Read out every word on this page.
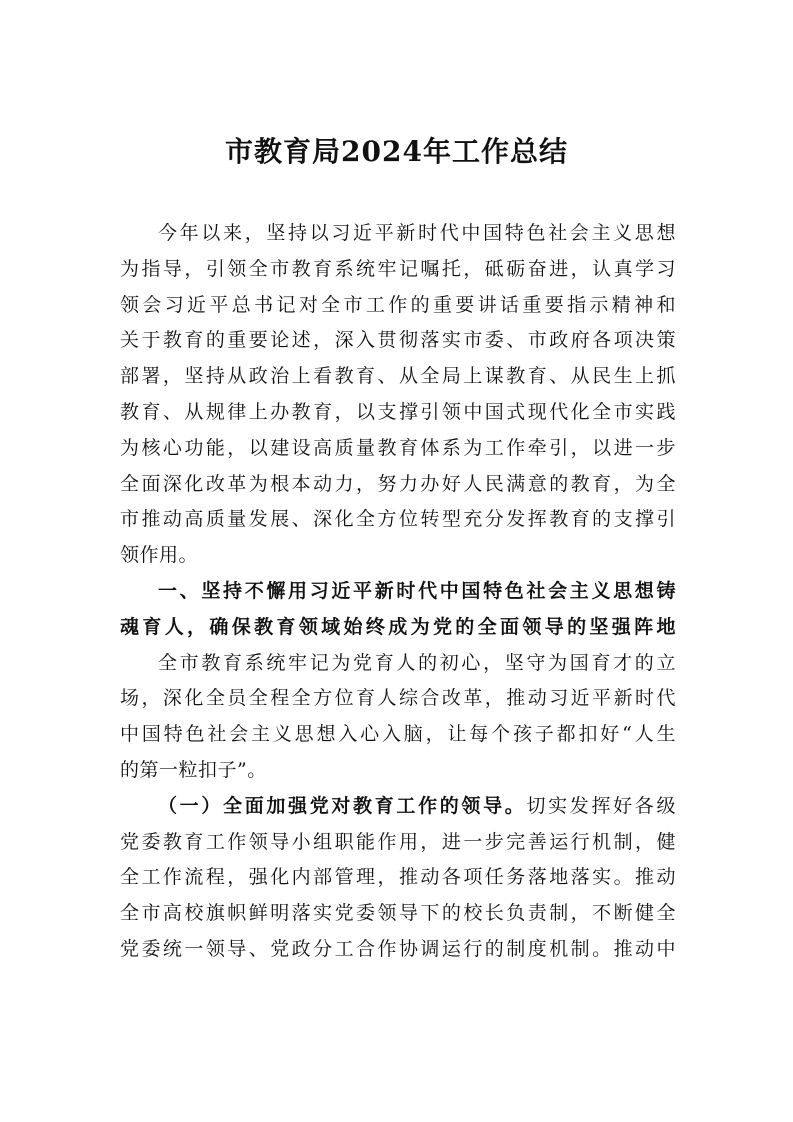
市教育局2024年工作总结
今年以来，坚持以习近平新时代中国特色社会主义思想
为指导，引领全市教育系统牢记嘱托，砥砺奋进，认真学习
领会习近平总书记对全市工作的重要讲话重要指示精神和
关于教育的重要论述，深入贯彻落实市委、市政府各项决策
部署，坚持从政治上看教育、从全局上谋教育、从民生上抓
教育、从规律上办教育，以支撑引领中国式现代化全市实践
为核心功能，以建设高质量教育体系为工作牵引，以进一步
全面深化改革为根本动力，努力办好人民满意的教育，为全
市推动高质量发展、深化全方位转型充分发挥教育的支撑引
领作用。
一、坚持不懈用习近平新时代中国特色社会主义思想铸
魂育人，确保教育领域始终成为党的全面领导的坚强阵地
全市教育系统牢记为党育人的初心，坚守为国育才的立
场，深化全员全程全方位育人综合改革，推动习近平新时代
中国特色社会主义思想入心入脑，让每个孩子都扣好“人生
的第一粒扣子”。
（一）全面加强党对教育工作的领导。切实发挥好各级
党委教育工作领导小组职能作用，进一步完善运行机制，健
全工作流程，强化内部管理，推动各项任务落地落实。推动
全市高校旗帜鲜明落实党委领导下的校长负责制，不断健全
党委统一领导、党政分工合作协调运行的制度机制。推动中
